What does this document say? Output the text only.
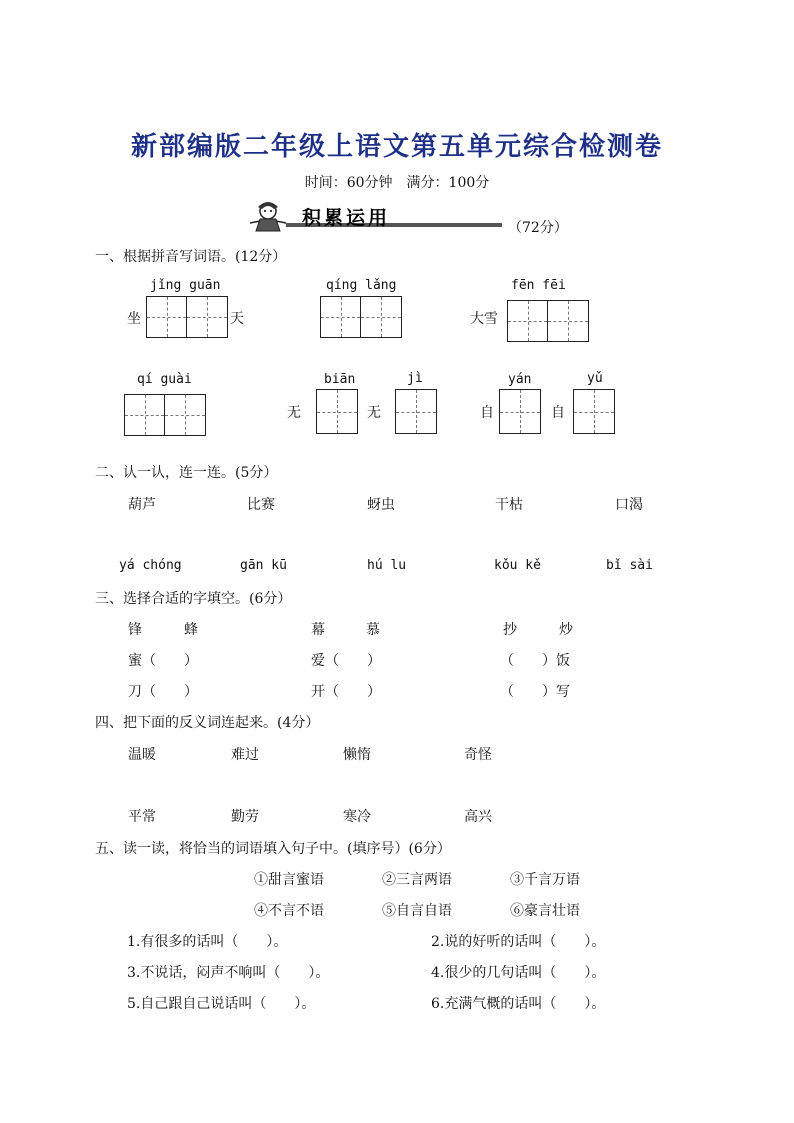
新部编版二年级上语文第五单元综合检测卷
时间：60分钟　满分：100分
积累运用	（72分）
一、根据拼音写词语。(12分）
jǐng guān
坐	天
qíng lǎng	fēn fēi
大雪
qí guài	biān
无
jì
无
yán
自
yǔ
自
二、认一认，连一连。(5分）
葫芦	比赛	蚜虫	干枯	口渴
yá chóng	gān kū	hú lu	kǒu kě	bǐ sài
三、选择合适的字填空。(6分）
锋	蜂	幕	慕	抄	炒
蜜（　　）	爱（　　）	（　　）饭
刀（　　）	开（　　）	（　　）写
四、把下面的反义词连起来。(4分）
温暖	难过	懒惰	奇怪
平常	勤劳	寒冷	高兴
五、读一读，将恰当的词语填入句子中。(填序号）(6分）
①甜言蜜语	②三言两语	③千言万语
④不言不语	⑤自言自语	⑥豪言壮语
1.有很多的话叫（　　）。	2.说的好听的话叫（　　）。
3.不说话，闷声不响叫（　　）。	4.很少的几句话叫（　　）。
5.自己跟自己说话叫（　　）。	6.充满气概的话叫（　　）。
